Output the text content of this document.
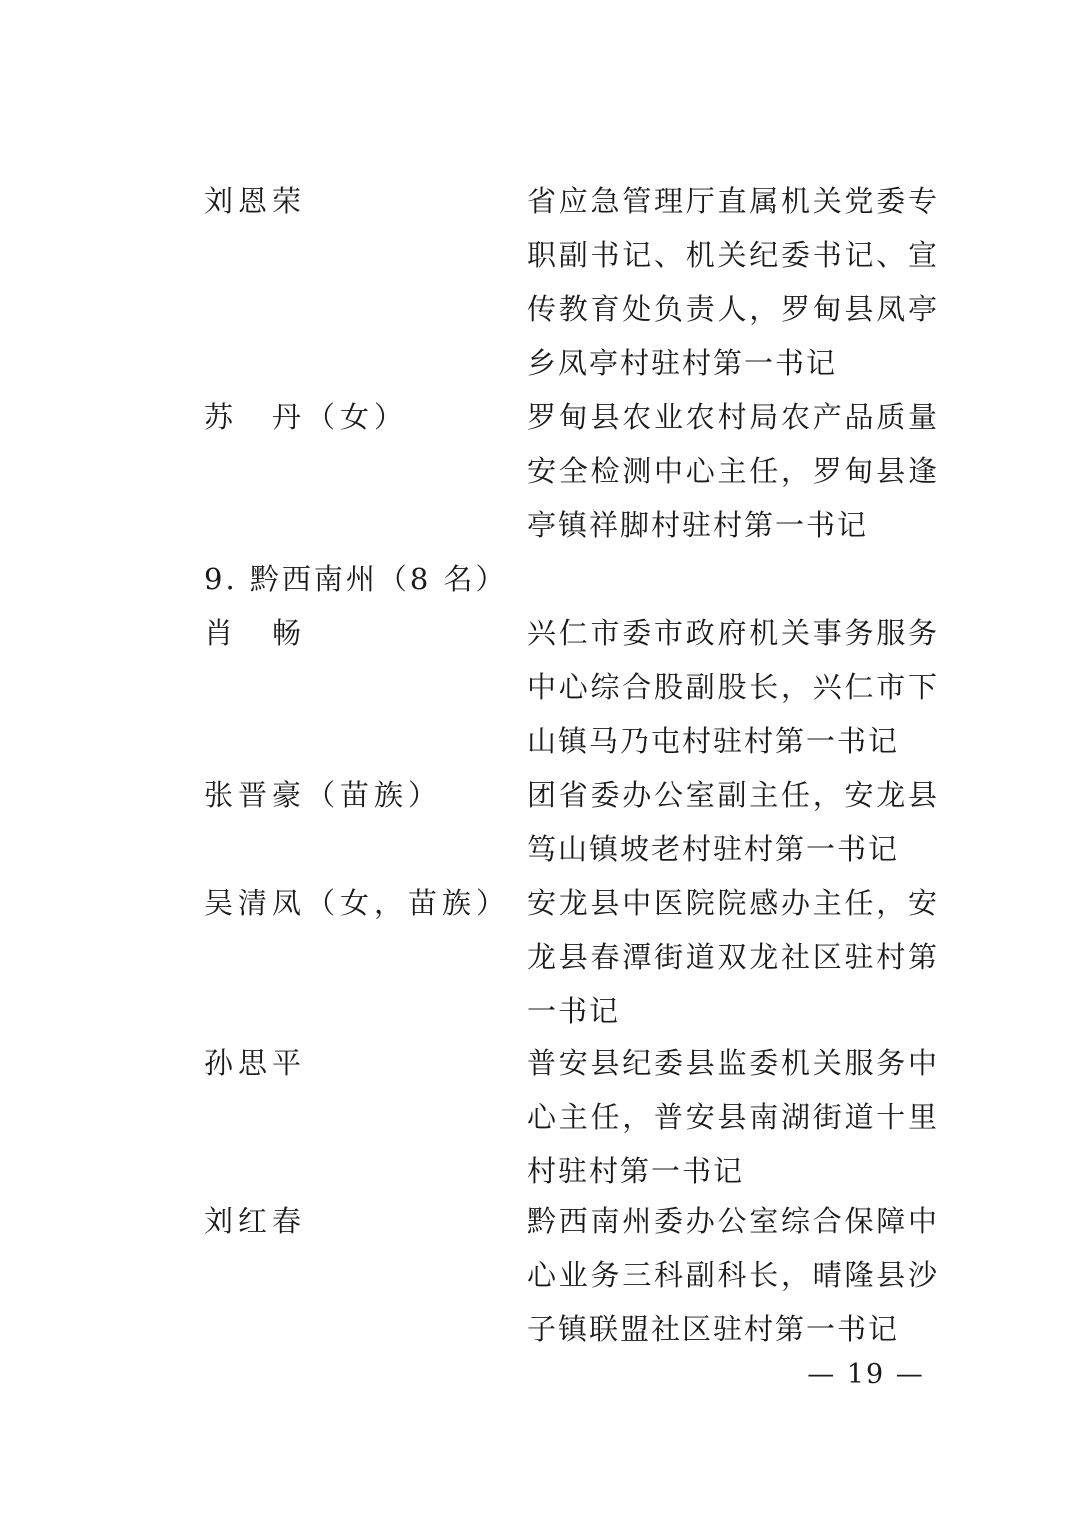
刘恩荣	省应急管理厅直属机关党委专
职副书记、机关纪委书记、宣
传教育处负责人，罗甸县凤亭
乡凤亭村驻村第一书记
苏　丹（女）	罗甸县农业农村局农产品质量
安全检测中心主任，罗甸县逢
亭镇祥脚村驻村第一书记
9. 黔西南州（8 名）
肖　畅	兴仁市委市政府机关事务服务
中心综合股副股长，兴仁市下
山镇马乃屯村驻村第一书记
张晋豪（苗族）	团省委办公室副主任，安龙县
笃山镇坡老村驻村第一书记
吴清凤（女，苗族） 安龙县中医院院感办主任，安
龙县春潭街道双龙社区驻村第
一书记
孙思平	普安县纪委县监委机关服务中
心主任，普安县南湖街道十里
村驻村第一书记
刘红春	黔西南州委办公室综合保障中
心业务三科副科长，晴隆县沙
子镇联盟社区驻村第一书记
— 19 —
